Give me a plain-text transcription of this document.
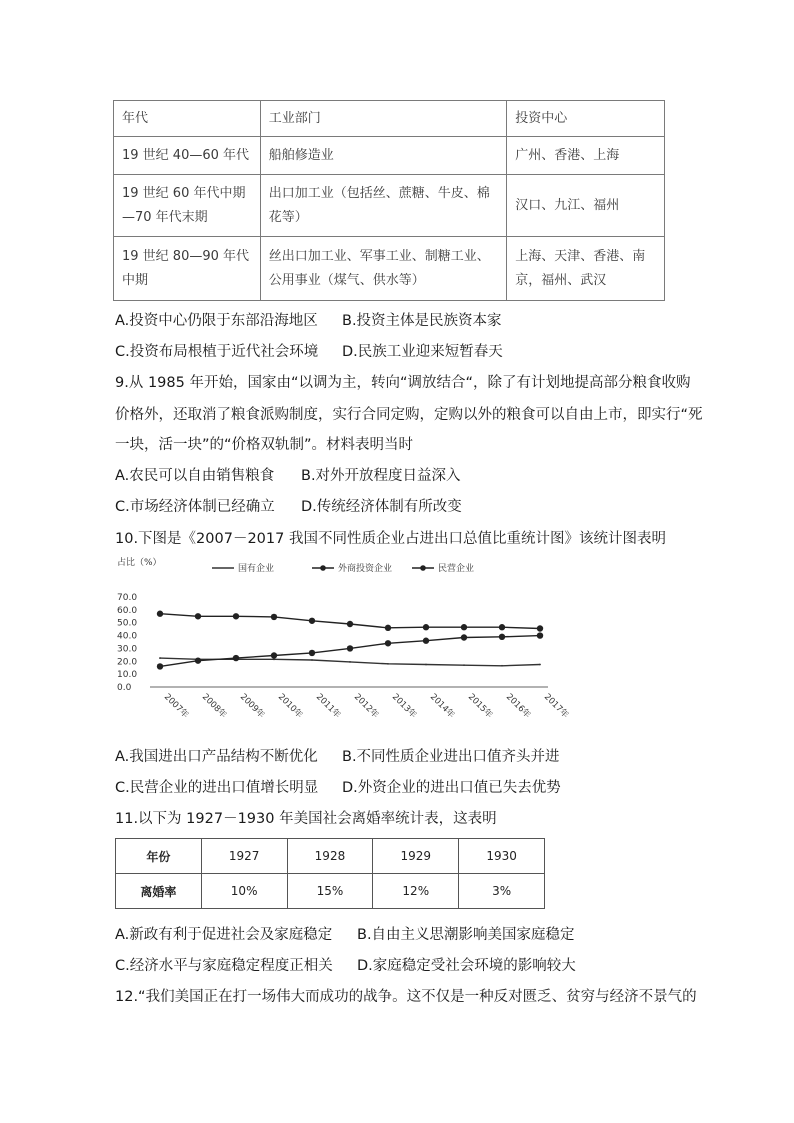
年代	工业部门	投资中心
19 世纪 40—60 年代	船舶修造业	广州、香港、上海
19 世纪 60 年代中期—70 年代末期	出口加工业（包括丝、蔗糖、牛皮、棉花等）	汉口、九江、福州
19 世纪 80—90 年代中期	丝出口加工业、军事工业、制糖工业、公用事业（煤气、供水等）	上海、天津、香港、南京，福州、武汉
A.投资中心仍限于东部沿海地区 B.投资主体是民族资本家
C.投资布局根植于近代社会环境 D.民族工业迎来短暂春天
9.从 1985 年开始，国家由“以调为主，转向“调放结合“，除了有计划地提高部分粮食收购
价格外，还取消了粮食派购制度，实行合同定购，定购以外的粮食可以自由上市，即实行“死
一块，活一块”的“价格双轨制”。材料表明当时
A.农民可以自由销售粮食 B.对外开放程度日益深入
C.市场经济体制已经确立 D.传统经济体制有所改变
10.下图是《2007－2017 我国不同性质企业占进出口总值比重统计图》该统计图表明
占比（%）
0.0
10.0
20.0
30.0
40.0
50.0
60.0
70.0
2007年 2008年 2009年 2010年 2011年 2012年 2013年 2014年 2015年 2016年 2017年
国有企业	外商投资企业	民营企业
A.我国进出口产品结构不断优化 B.不同性质企业进出口值齐头并进
C.民营企业的进出口值增长明显 D.外资企业的进出口值已失去优势
11.以下为 1927－1930 年美国社会离婚率统计表，这表明
年份	1927	1928	1929	1930
离婚率	10%	15%	12%	3%
A.新政有利于促进社会及家庭稳定 B.自由主义思潮影响美国家庭稳定
C.经济水平与家庭稳定程度正相关 D.家庭稳定受社会环境的影响较大
12.“我们美国正在打一场伟大而成功的战争。这不仅是一种反对匮乏、贫穷与经济不景气的
